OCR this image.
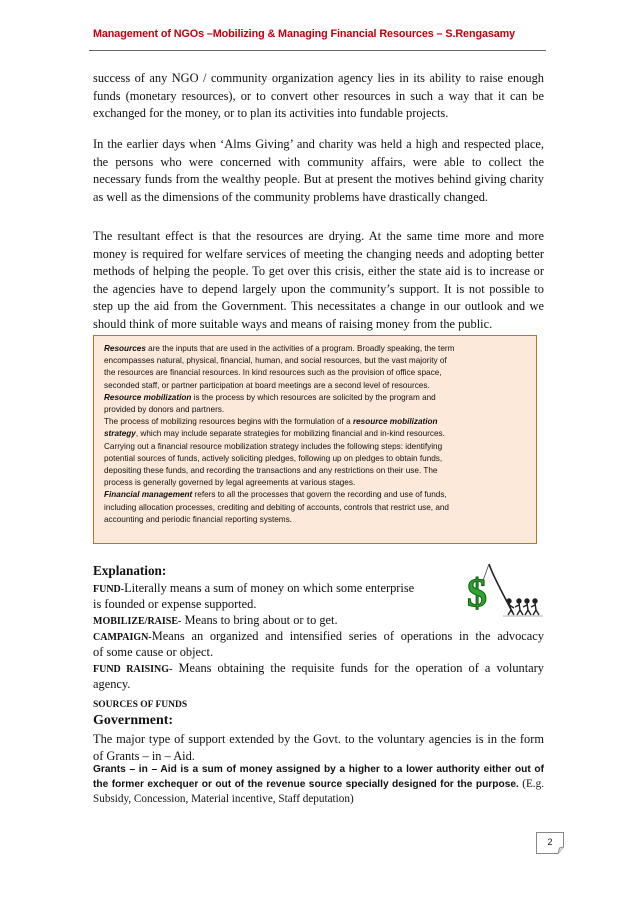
Management of NGOs –Mobilizing & Managing Financial Resources – S.Rengasamy

success of any NGO / community organization agency lies in its ability to raise enough funds (monetary resources), or to convert other resources in such a way that it can be exchanged for the money, or to plan its activities into fundable projects.

In the earlier days when ‘Alms Giving’ and charity was held a high and respected place, the persons who were concerned with community affairs, were able to collect the necessary funds from the wealthy people. But at present the motives behind giving charity as well as the dimensions of the community problems have drastically changed.

The resultant effect is that the resources are drying. At the same time more and more money is required for welfare services of meeting the changing needs and adopting better methods of helping the people. To get over this crisis, either the state aid is to increase or the agencies have to depend largely upon the community’s support. It is not possible to step up the aid from the Government. This necessitates a change in our outlook and we should think of more suitable ways and means of raising money from the public.

Resources are the inputs that are used in the activities of a program. Broadly speaking, the term
encompasses natural, physical, financial, human, and social resources, but the vast majority of
the resources are financial resources. In kind resources such as the provision of office space,
seconded staff, or partner participation at board meetings are a second level of resources.
Resource mobilization is the process by which resources are solicited by the program and
provided by donors and partners.
The process of mobilizing resources begins with the formulation of a resource mobilization
strategy, which may include separate strategies for mobilizing financial and in-kind resources.
Carrying out a financial resource mobilization strategy includes the following steps: identifying
potential sources of funds, actively soliciting pledges, following up on pledges to obtain funds,
depositing these funds, and recording the transactions and any restrictions on their use. The
process is generally governed by legal agreements at various stages.
Financial management refers to all the processes that govern the recording and use of funds,
including allocation processes, crediting and debiting of accounts, controls that restrict use, and
accounting and periodic financial reporting systems.
$
Explanation:
FUND-Literally means a sum of money on which some enterprise
is founded or expense supported.
MOBILIZE/RAISE- Means to bring about or to get.
CAMPAIGN-Means an organized and intensified series of operations in the advocacy
of some cause or object.
FUND RAISING- Means obtaining the requisite funds for the operation of a voluntary
agency.
SOURCES OF FUNDS
Government:
The major type of support extended by the Govt. to the voluntary agencies is in the form of Grants – in – Aid.
Grants – in – Aid is a sum of money assigned by a higher to a lower authority either out of the former exchequer or out of the revenue source specially designed for the purpose. (E.g. Subsidy, Concession, Material incentive, Staff deputation)
2
